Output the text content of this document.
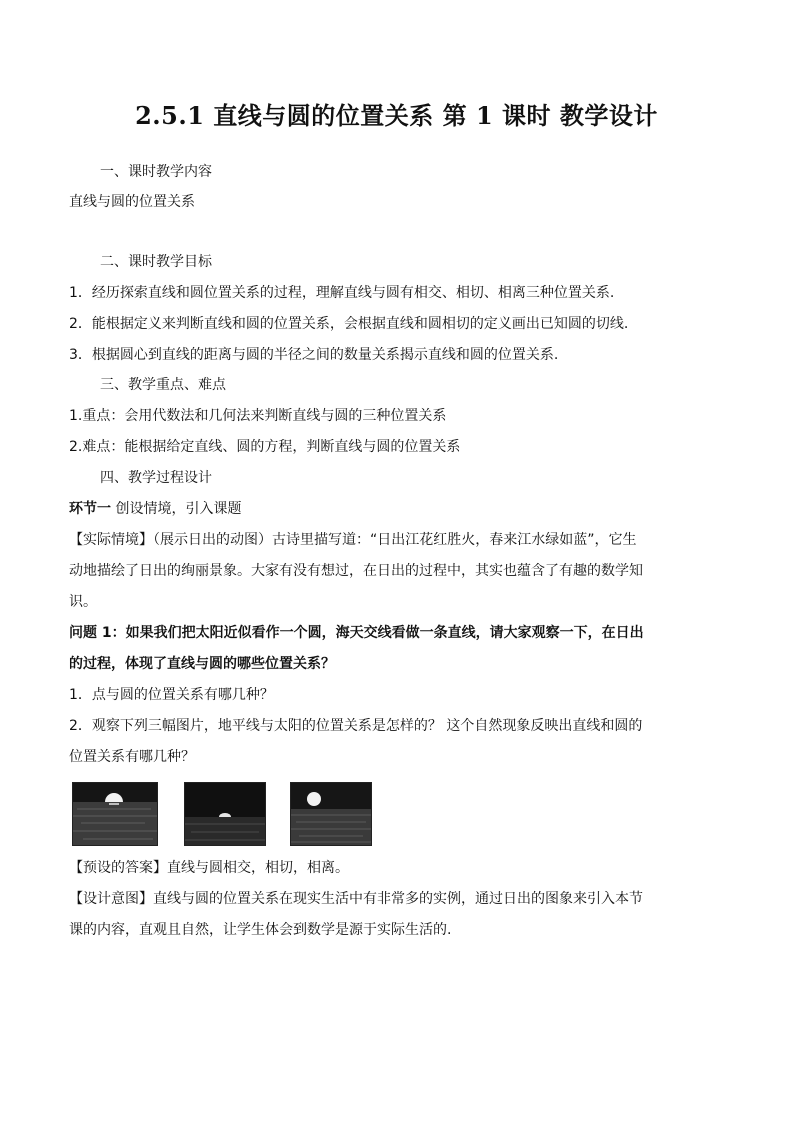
2.5.1 直线与圆的位置关系 第 1 课时 教学设计
一、课时教学内容
直线与圆的位置关系
二、课时教学目标
1．经历探索直线和圆位置关系的过程，理解直线与圆有相交、相切、相离三种位置关系.
2．能根据定义来判断直线和圆的位置关系，会根据直线和圆相切的定义画出已知圆的切线.
3．根据圆心到直线的距离与圆的半径之间的数量关系揭示直线和圆的位置关系.
三、教学重点、难点
1.重点：会用代数法和几何法来判断直线与圆的三种位置关系
2.难点：能根据给定直线、圆的方程，判断直线与圆的位置关系
四、教学过程设计
环节一 创设情境，引入课题
【实际情境】（展示日出的动图）古诗里描写道：“日出江花红胜火，春来江水绿如蓝”，它生
动地描绘了日出的绚丽景象。大家有没有想过，在日出的过程中，其实也蕴含了有趣的数学知
识。
问题 1：如果我们把太阳近似看作一个圆，海天交线看做一条直线，请大家观察一下，在日出
的过程，体现了直线与圆的哪些位置关系？
1．点与圆的位置关系有哪几种？
2．观察下列三幅图片，地平线与太阳的位置关系是怎样的？ 这个自然现象反映出直线和圆的
位置关系有哪几种？
【预设的答案】直线与圆相交，相切，相离。
【设计意图】直线与圆的位置关系在现实生活中有非常多的实例，通过日出的图象来引入本节
课的内容，直观且自然，让学生体会到数学是源于实际生活的.
